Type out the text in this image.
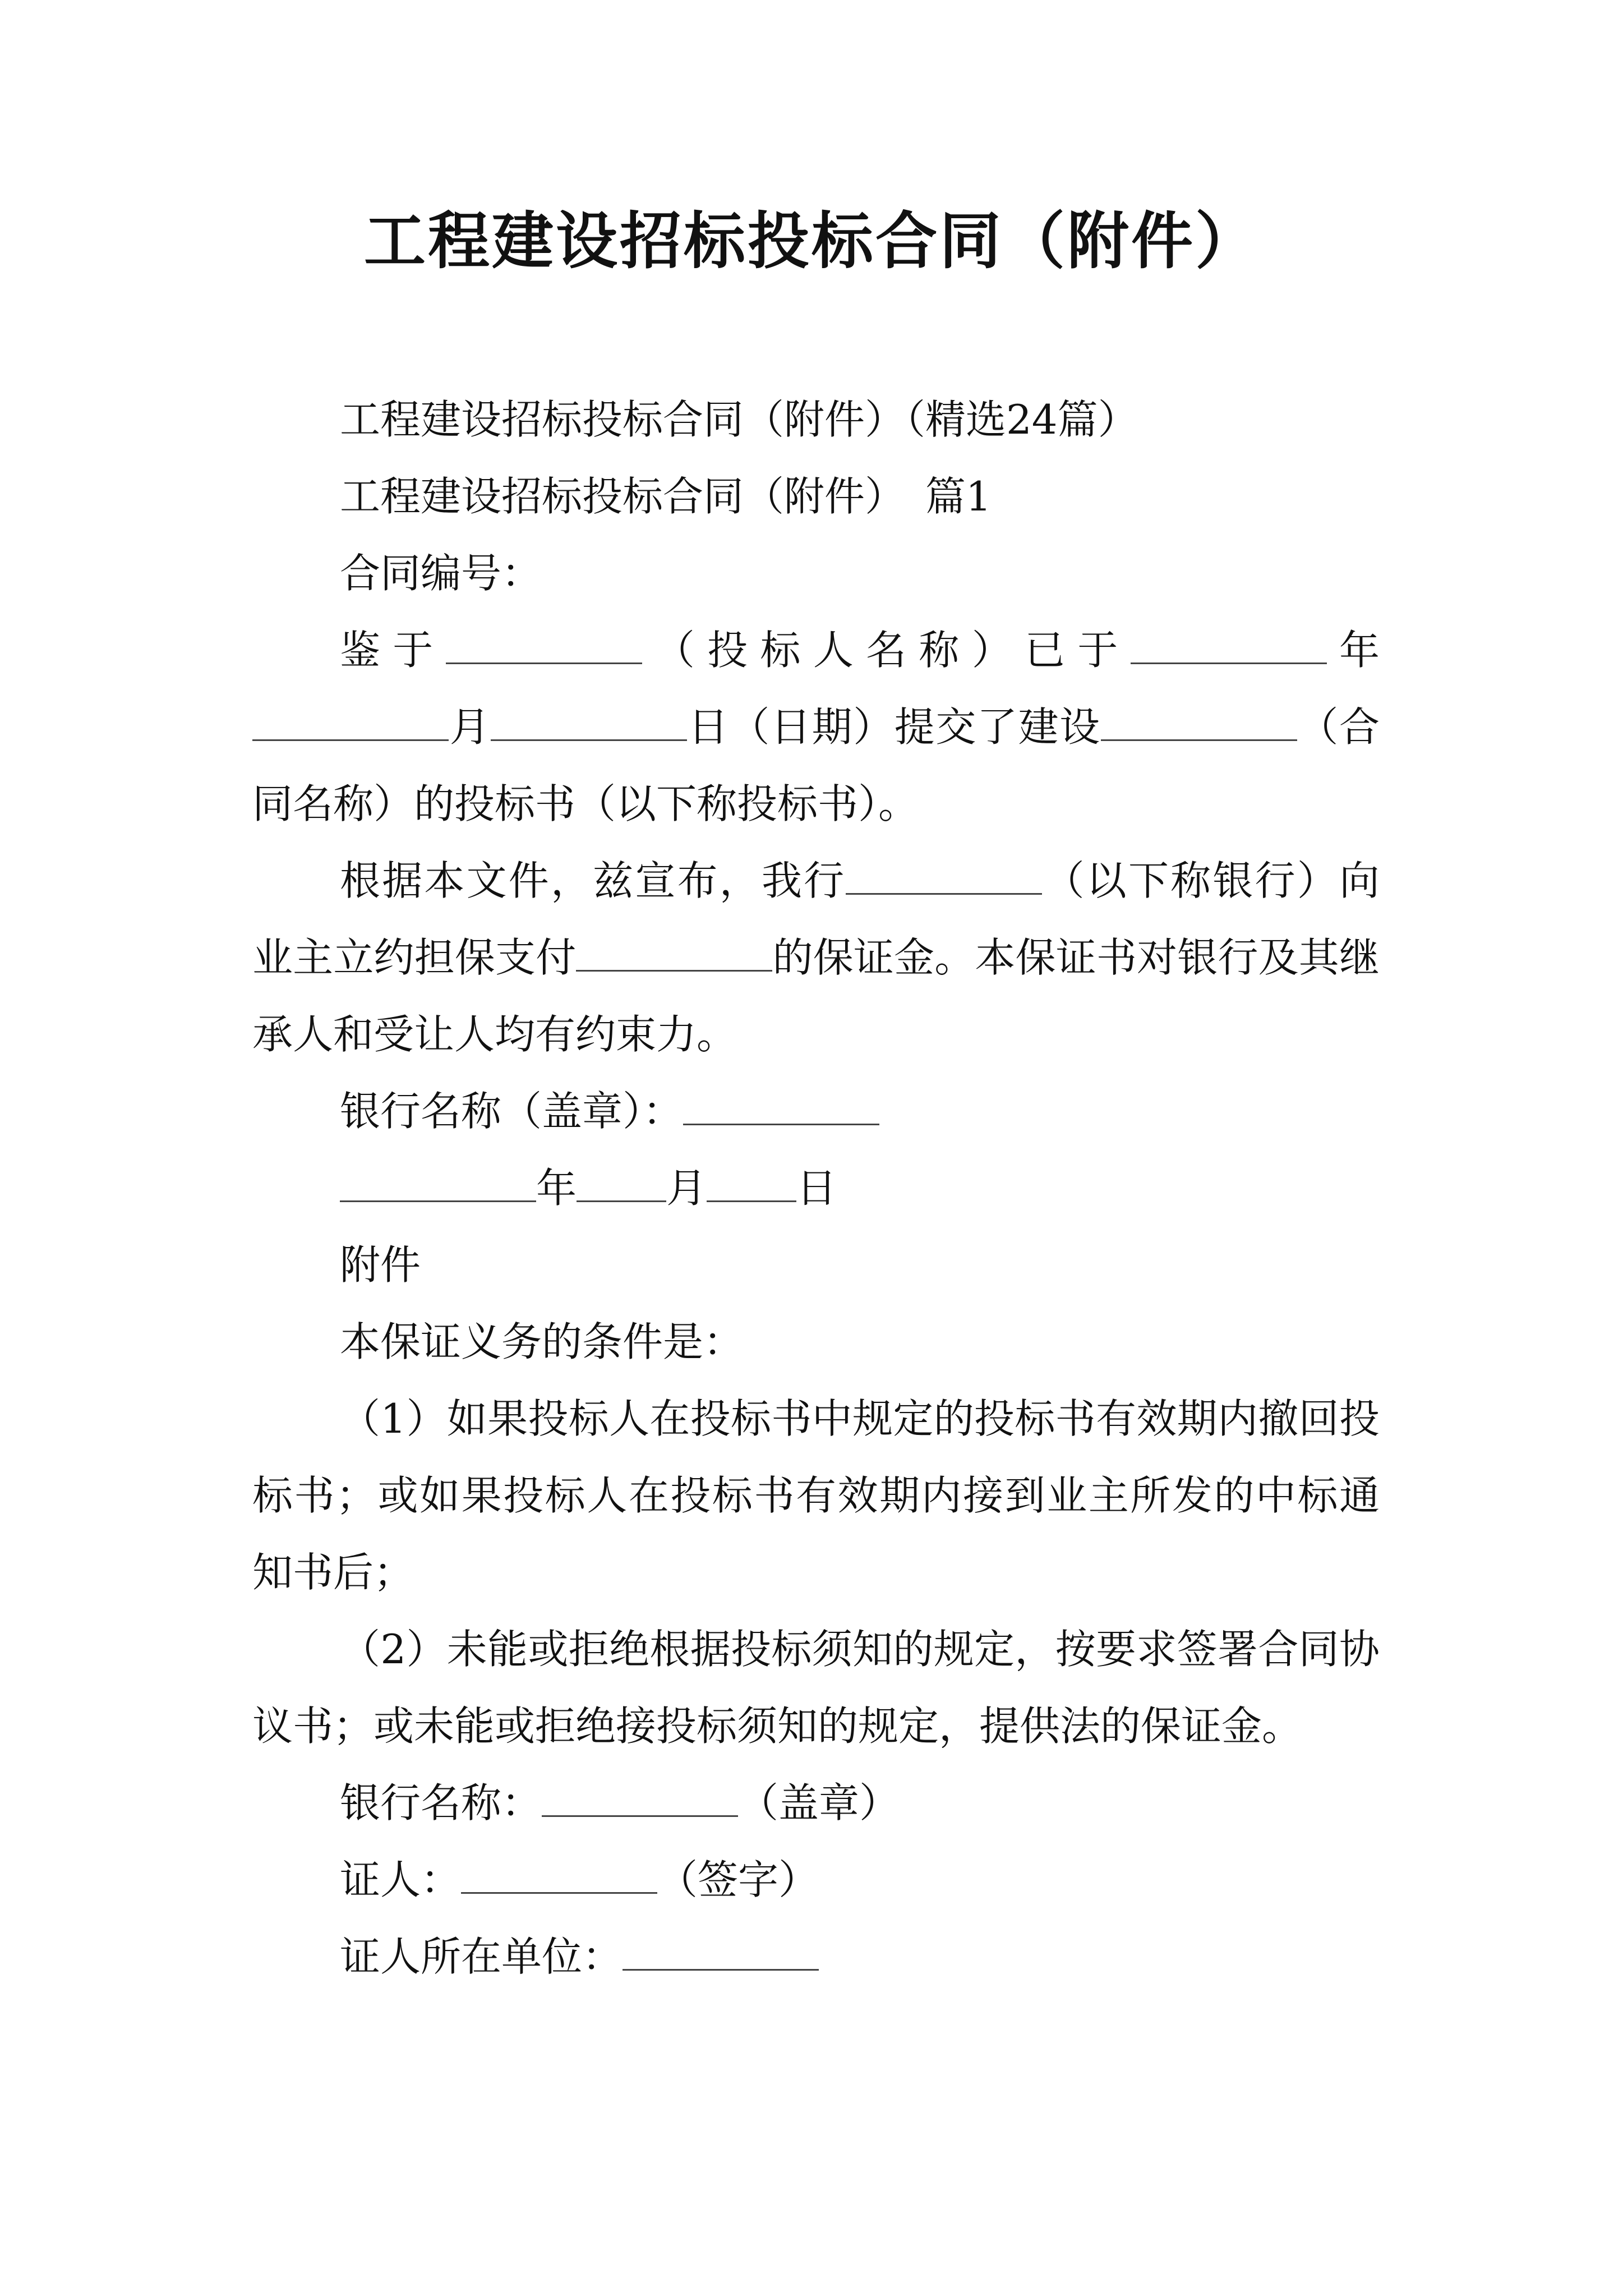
工程建设招标投标合同（附件）

工程建设招标投标合同（附件）（精选24篇）

工程建设招标投标合同（附件）　篇1

合同编号：

鉴于	（投标人名称）已于	年

月	日（日期）提交了建设	（合

同名称）的投标书（以下称投标书）。

根据本文件，兹宣布，我行	（以下称银行）向业主立约担保支付	的保证金。本保证书对银行及其继承人和受让人均有约束力。

银行名称（盖章）：

年 月 日

附件

本保证义务的条件是：

（1）如果投标人在投标书中规定的投标书有效期内撤回投标书；或如果投标人在投标书有效期内接到业主所发的中标通知书后；

（2）未能或拒绝根据投标须知的规定，按要求签署合同协议书；或未能或拒绝接投标须知的规定，提供法的保证金。

银行名称：	（盖章）

证人：	（签字）

证人所在单位：
